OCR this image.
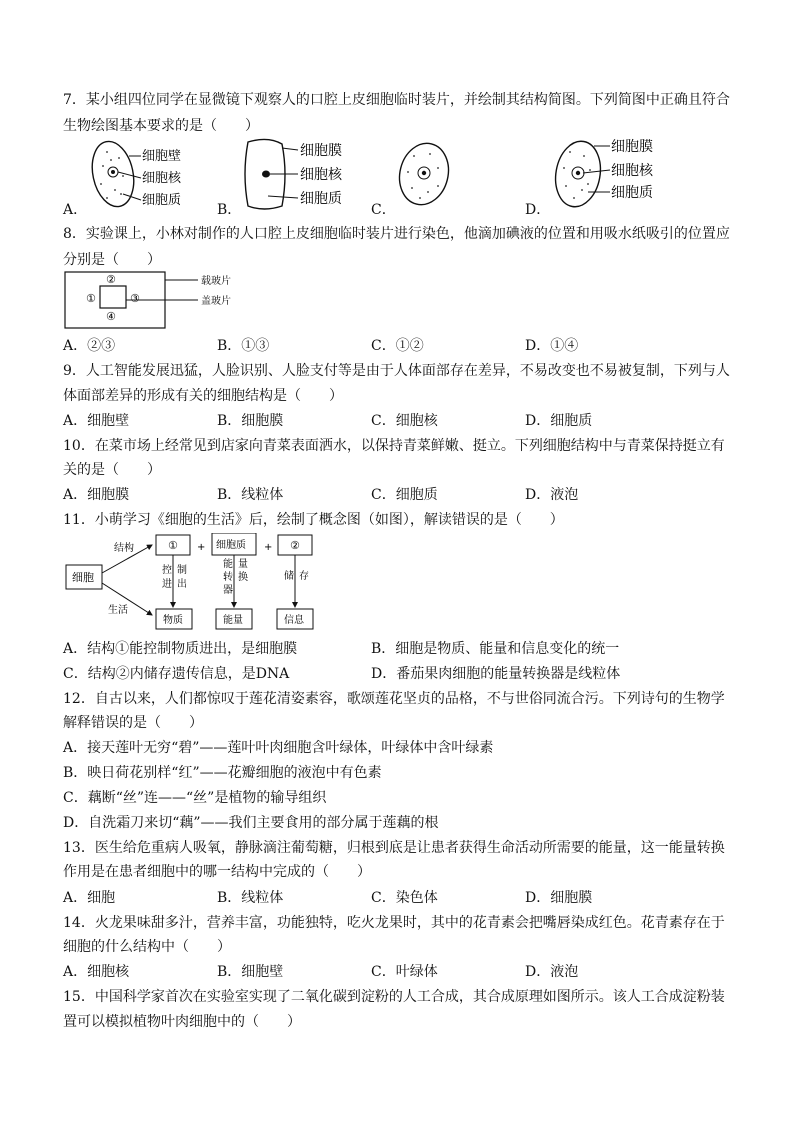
7．某小组四位同学在显微镜下观察人的口腔上皮细胞临时装片，并绘制其结构简图。下列简图中正确且符合
生物绘图基本要求的是（　　）
细胞壁
细胞核
细胞质
细胞膜
细胞核
细胞质
细胞膜
细胞核
细胞质
A．	B．	C．	D．
8．实验课上，小林对制作的人口腔上皮细胞临时装片进行染色，他滴加碘液的位置和用吸水纸吸引的位置应
分别是（　　）
②
①	③
④
载玻片
盖玻片
A．②③	B．①③	C．①②	D．①④
9．人工智能发展迅猛，人脸识别、人脸支付等是由于人体面部存在差异，不易改变也不易被复制，下列与人
体面部差异的形成有关的细胞结构是（　　）
A．细胞壁	B．细胞膜	C．细胞核	D．细胞质
10．在菜市场上经常见到店家向青菜表面洒水，以保持青菜鲜嫩、挺立。下列细胞结构中与青菜保持挺立有
关的是（　　）
A．细胞膜	B．线粒体	C．细胞质	D．液泡
11．小萌学习《细胞的生活》后，绘制了概念图（如图），解读错误的是（　　）
细胞
结构
生活
① + 细胞质 + ②
控
进
制
出
能
转
器
量
换	储 存
物质	能量	信息
A．结构①能控制物质进出，是细胞膜	B．细胞是物质、能量和信息变化的统一
C．结构②内储存遗传信息，是DNA	D．番茄果肉细胞的能量转换器是线粒体
12．自古以来，人们都惊叹于莲花清姿素容，歌颂莲花坚贞的品格，不与世俗同流合污。下列诗句的生物学
解释错误的是（　　）
A．接天莲叶无穷“碧”——莲叶叶肉细胞含叶绿体，叶绿体中含叶绿素
B．映日荷花别样“红”——花瓣细胞的液泡中有色素
C．藕断“丝”连——“丝”是植物的输导组织
D．自洗霜刀来切“藕”——我们主要食用的部分属于莲藕的根
13．医生给危重病人吸氧，静脉滴注葡萄糖，归根到底是让患者获得生命活动所需要的能量，这一能量转换
作用是在患者细胞中的哪一结构中完成的（　　）
A．细胞	B．线粒体	C．染色体	D．细胞膜
14．火龙果味甜多汁，营养丰富，功能独特，吃火龙果时，其中的花青素会把嘴唇染成红色。花青素存在于
细胞的什么结构中（　　）
A．细胞核	B．细胞壁	C．叶绿体	D．液泡
15．中国科学家首次在实验室实现了二氧化碳到淀粉的人工合成，其合成原理如图所示。该人工合成淀粉装
置可以模拟植物叶肉细胞中的（　　）
